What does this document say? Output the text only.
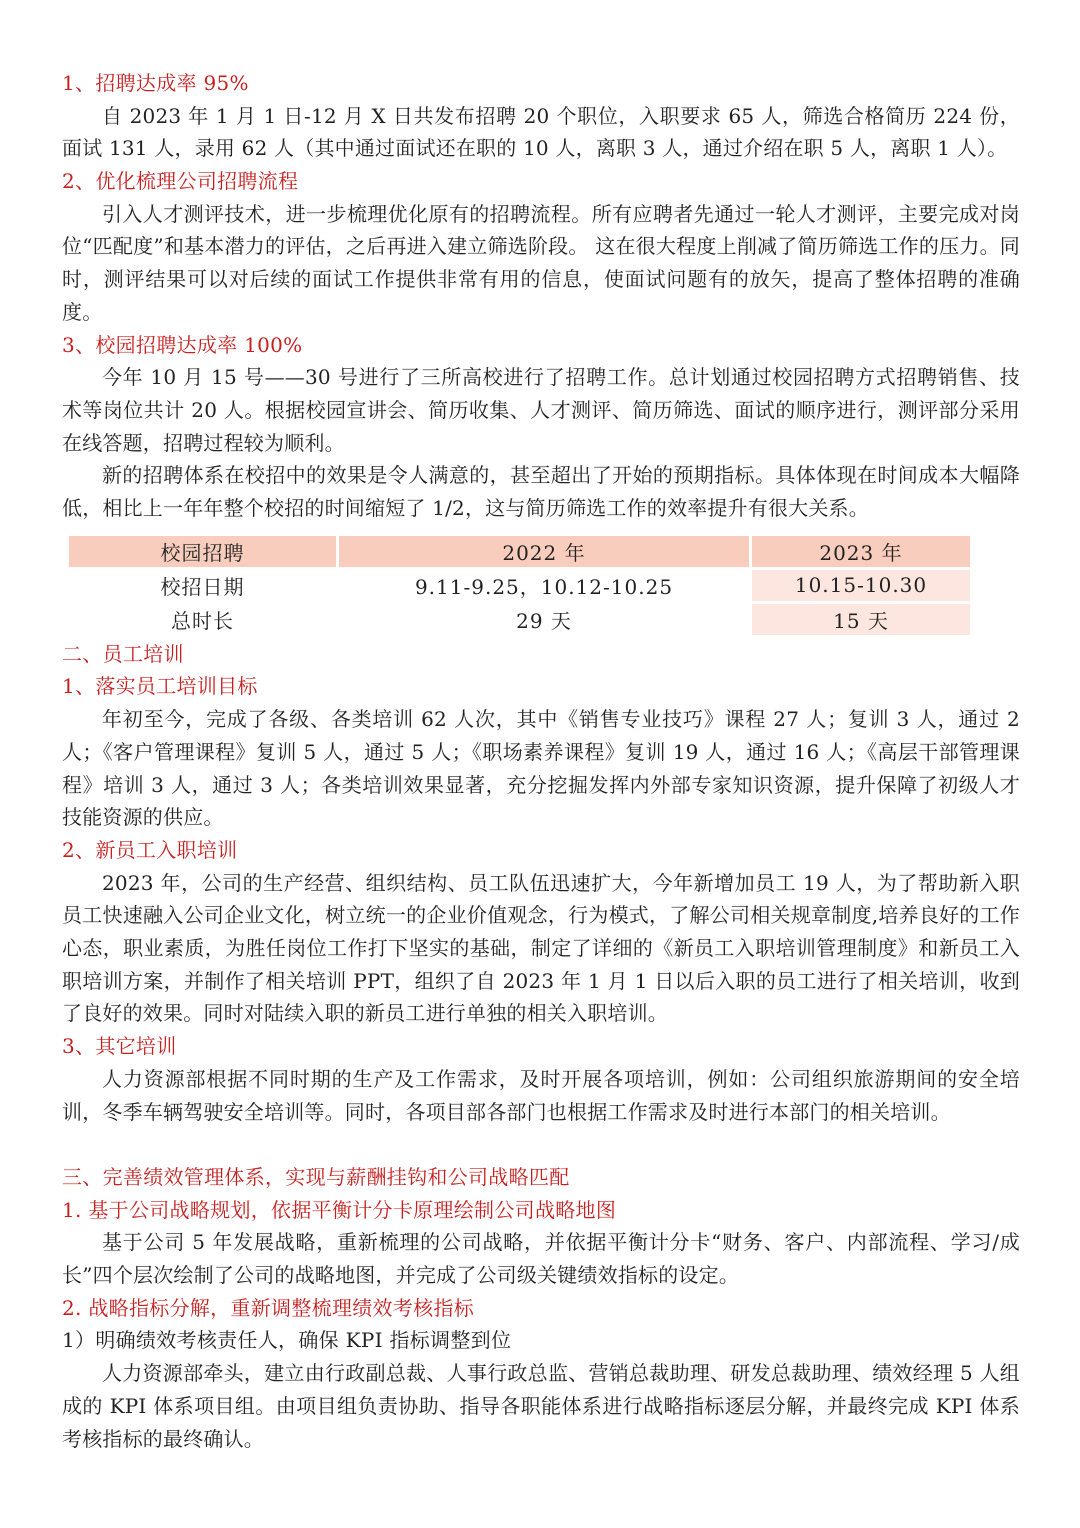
1、招聘达成率 95%

自 2023 年 1 月 1 日-12 月 X 日共发布招聘 20 个职位，入职要求 65 人，筛选合格简历 224 份，面试 131 人，录用 62 人（其中通过面试还在职的 10 人，离职 3 人，通过介绍在职 5 人，离职 1 人）。

2、优化梳理公司招聘流程

引入人才测评技术，进一步梳理优化原有的招聘流程。所有应聘者先通过一轮人才测评，主要完成对岗位“匹配度”和基本潜力的评估，之后再进入建立筛选阶段。 这在很大程度上削减了简历筛选工作的压力。同时，测评结果可以对后续的面试工作提供非常有用的信息，使面试问题有的放矢，提高了整体招聘的准确度。

3、校园招聘达成率 100%

今年 10 月 15 号——30 号进行了三所高校进行了招聘工作。总计划通过校园招聘方式招聘销售、技术等岗位共计 20 人。根据校园宣讲会、简历收集、人才测评、简历筛选、面试的顺序进行，测评部分采用在线答题，招聘过程较为顺利。

新的招聘体系在校招中的效果是令人满意的，甚至超出了开始的预期指标。具体体现在时间成本大幅降低，相比上一年年整个校招的时间缩短了 1/2，这与简历筛选工作的效率提升有很大关系。

校园招聘	2022 年	2023 年
校招日期	9.11-9.25，10.12-10.25	10.15-10.30
总时长	29 天	15 天
二、员工培训
1、落实员工培训目标

年初至今，完成了各级、各类培训 62 人次，其中《销售专业技巧》课程 27 人；复训 3 人，通过 2 人；《客户管理课程》复训 5 人，通过 5 人；《职场素养课程》复训 19 人，通过 16 人；《高层干部管理课程》培训 3 人，通过 3 人；各类培训效果显著，充分挖掘发挥内外部专家知识资源，提升保障了初级人才技能资源的供应。

2、新员工入职培训

2023 年，公司的生产经营、组织结构、员工队伍迅速扩大，今年新增加员工 19 人，为了帮助新入职员工快速融入公司企业文化，树立统一的企业价值观念，行为模式，了解公司相关规章制度,培养良好的工作心态，职业素质，为胜任岗位工作打下坚实的基础，制定了详细的《新员工入职培训管理制度》和新员工入职培训方案，并制作了相关培训 PPT，组织了自 2023 年 1 月 1 日以后入职的员工进行了相关培训，收到了良好的效果。同时对陆续入职的新员工进行单独的相关入职培训。

3、其它培训

人力资源部根据不同时期的生产及工作需求，及时开展各项培训，例如：公司组织旅游期间的安全培训，冬季车辆驾驶安全培训等。同时，各项目部各部门也根据工作需求及时进行本部门的相关培训。

三、完善绩效管理体系，实现与薪酬挂钩和公司战略匹配
1. 基于公司战略规划，依据平衡计分卡原理绘制公司战略地图

基于公司 5 年发展战略，重新梳理的公司战略，并依据平衡计分卡“财务、客户、内部流程、学习/成长”四个层次绘制了公司的战略地图，并完成了公司级关键绩效指标的设定。

2. 战略指标分解，重新调整梳理绩效考核指标
1）明确绩效考核责任人，确保 KPI 指标调整到位

人力资源部牵头，建立由行政副总裁、人事行政总监、营销总裁助理、研发总裁助理、绩效经理 5 人组成的 KPI 体系项目组。由项目组负责协助、指导各职能体系进行战略指标逐层分解，并最终完成 KPI 体系考核指标的最终确认。
